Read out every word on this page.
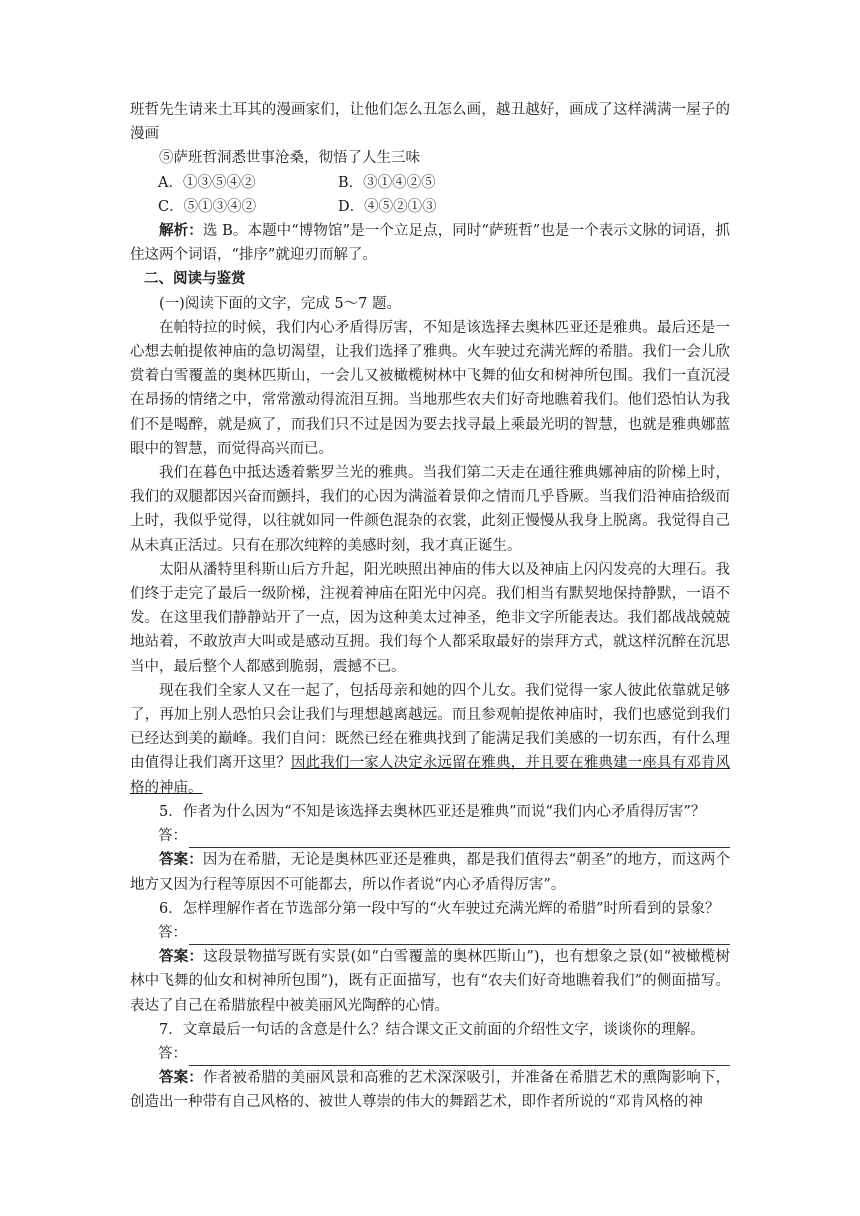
班哲先生请来土耳其的漫画家们，让他们怎么丑怎么画，越丑越好，画成了这样满满一屋子的漫画

⑤萨班哲洞悉世事沧桑，彻悟了人生三味

A．①③⑤④②	B．③①④②⑤
C．⑤①③④②	D．④⑤②①③

解析：选 B。本题中“博物馆”是一个立足点，同时“萨班哲”也是一个表示文脉的词语，抓住这两个词语，“排序”就迎刃而解了。

二、阅读与鉴赏

(一)阅读下面的文字，完成 5～7 题。

在帕特拉的时候，我们内心矛盾得厉害，不知是该选择去奥林匹亚还是雅典。最后还是一心想去帕提侬神庙的急切渴望，让我们选择了雅典。火车驶过充满光辉的希腊。我们一会儿欣赏着白雪覆盖的奥林匹斯山，一会儿又被橄榄树林中飞舞的仙女和树神所包围。我们一直沉浸在昂扬的情绪之中，常常激动得流泪互拥。当地那些农夫们好奇地瞧着我们。他们恐怕认为我们不是喝醉，就是疯了，而我们只不过是因为要去找寻最上乘最光明的智慧，也就是雅典娜蓝眼中的智慧，而觉得高兴而已。

我们在暮色中抵达透着紫罗兰光的雅典。当我们第二天走在通往雅典娜神庙的阶梯上时，我们的双腿都因兴奋而颤抖，我们的心因为满溢着景仰之情而几乎昏厥。当我们沿神庙拾级而上时，我似乎觉得，以往就如同一件颜色混杂的衣裳，此刻正慢慢从我身上脱离。我觉得自己从未真正活过。只有在那次纯粹的美感时刻，我才真正诞生。

太阳从潘特里科斯山后方升起，阳光映照出神庙的伟大以及神庙上闪闪发亮的大理石。我们终于走完了最后一级阶梯，注视着神庙在阳光中闪亮。我们相当有默契地保持静默，一语不发。在这里我们静静站开了一点，因为这种美太过神圣，绝非文字所能表达。我们都战战兢兢地站着，不敢放声大叫或是感动互拥。我们每个人都采取最好的崇拜方式，就这样沉醉在沉思当中，最后整个人都感到脆弱，震撼不已。

现在我们全家人又在一起了，包括母亲和她的四个儿女。我们觉得一家人彼此依靠就足够了，再加上别人恐怕只会让我们与理想越离越远。而且参观帕提侬神庙时，我们也感觉到我们已经达到美的巅峰。我们自问：既然已经在雅典找到了能满足我们美感的一切东西，有什么理由值得让我们离开这里？因此我们一家人决定永远留在雅典，并且要在雅典建一座具有邓肯风格的神庙。

5．作者为什么因为“不知是该选择去奥林匹亚还是雅典”而说“我们内心矛盾得厉害”？

答：

答案：因为在希腊，无论是奥林匹亚还是雅典，都是我们值得去“朝圣”的地方，而这两个地方又因为行程等原因不可能都去，所以作者说“内心矛盾得厉害”。

6．怎样理解作者在节选部分第一段中写的“火车驶过充满光辉的希腊”时所看到的景象？

答：

答案：这段景物描写既有实景(如“白雪覆盖的奥林匹斯山”)，也有想象之景(如“被橄榄树林中飞舞的仙女和树神所包围”)，既有正面描写，也有“农夫们好奇地瞧着我们”的侧面描写。表达了自己在希腊旅程中被美丽风光陶醉的心情。

7．文章最后一句话的含意是什么？结合课文正文前面的介绍性文字，谈谈你的理解。

答：

答案：作者被希腊的美丽风景和高雅的艺术深深吸引，并准备在希腊艺术的熏陶影响下，创造出一种带有自己风格的、被世人尊崇的伟大的舞蹈艺术，即作者所说的“邓肯风格的神
